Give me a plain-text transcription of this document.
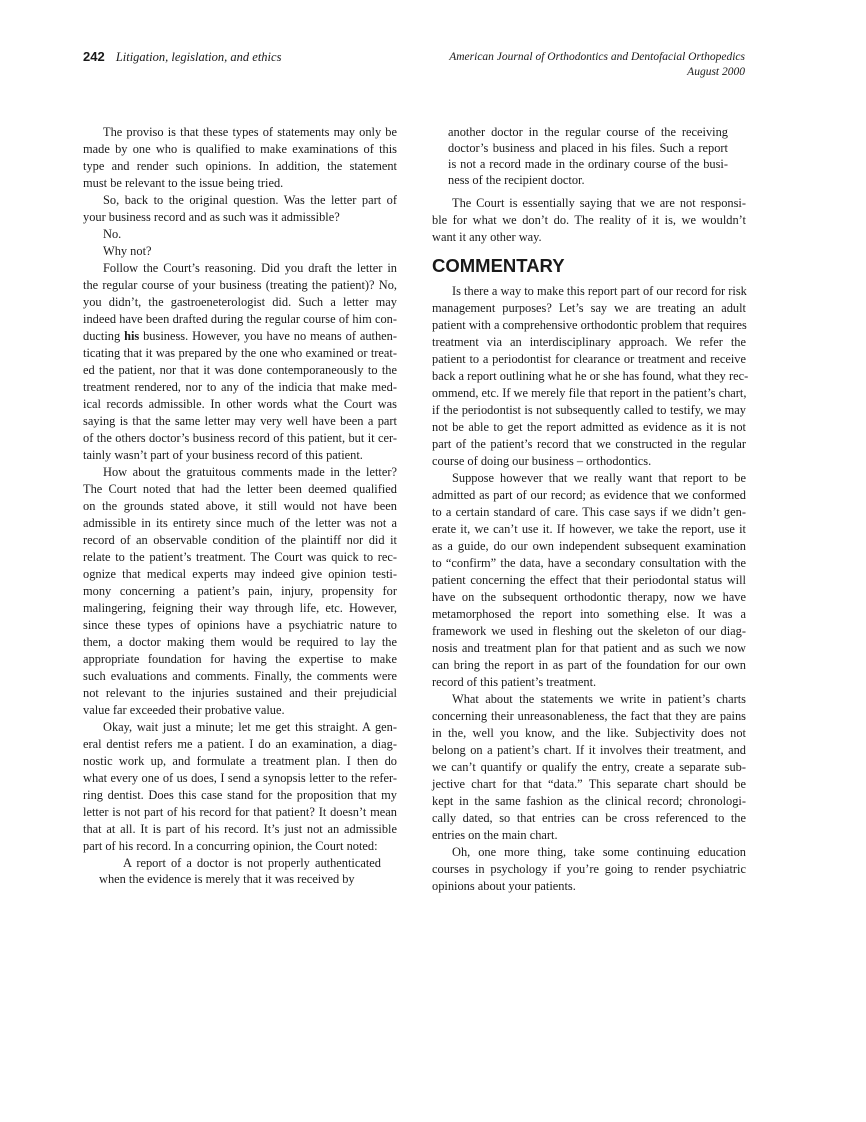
242 Litigation, legislation, and ethics	American Journal of Orthodontics and Dentofacial Orthopedics
August 2000
The proviso is that these types of statements may only be
made by one who is qualified to make examinations of this
type and render such opinions. In addition, the statement
must be relevant to the issue being tried.
So, back to the original question. Was the letter part of
your business record and as such was it admissible?
No.
Why not?
Follow the Court’s reasoning. Did you draft the letter in
the regular course of your business (treating the patient)? No,
you didn’t, the gastroeneterologist did. Such a letter may
indeed have been drafted during the regular course of him con-
ducting his business. However, you have no means of authen-
ticating that it was prepared by the one who examined or treat-
ed the patient, nor that it was done contemporaneously to the
treatment rendered, nor to any of the indicia that make med-
ical records admissible. In other words what the Court was
saying is that the same letter may very well have been a part
of the others doctor’s business record of this patient, but it cer-
tainly wasn’t part of your business record of this patient.
How about the gratuitous comments made in the letter?
The Court noted that had the letter been deemed qualified
on the grounds stated above, it still would not have been
admissible in its entirety since much of the letter was not a
record of an observable condition of the plaintiff nor did it
relate to the patient’s treatment. The Court was quick to rec-
ognize that medical experts may indeed give opinion testi-
mony concerning a patient’s pain, injury, propensity for
malingering, feigning their way through life, etc. However,
since these types of opinions have a psychiatric nature to
them, a doctor making them would be required to lay the
appropriate foundation for having the expertise to make
such evaluations and comments. Finally, the comments were
not relevant to the injuries sustained and their prejudicial
value far exceeded their probative value.
Okay, wait just a minute; let me get this straight. A gen-
eral dentist refers me a patient. I do an examination, a diag-
nostic work up, and formulate a treatment plan. I then do
what every one of us does, I send a synopsis letter to the refer-
ring dentist. Does this case stand for the proposition that my
letter is not part of his record for that patient? It doesn’t mean
that at all. It is part of his record. It’s just not an admissible
part of his record. In a concurring opinion, the Court noted:
A report of a doctor is not properly authenticated
when the evidence is merely that it was received by
another doctor in the regular course of the receiving
doctor’s business and placed in his files. Such a report
is not a record made in the ordinary course of the busi-
ness of the recipient doctor.
The Court is essentially saying that we are not responsi-
ble for what we don’t do. The reality of it is, we wouldn’t
want it any other way.
COMMENTARY
Is there a way to make this report part of our record for risk
management purposes? Let’s say we are treating an adult
patient with a comprehensive orthodontic problem that requires
treatment via an interdisciplinary approach. We refer the
patient to a periodontist for clearance or treatment and receive
back a report outlining what he or she has found, what they rec-
ommend, etc. If we merely file that report in the patient’s chart,
if the periodontist is not subsequently called to testify, we may
not be able to get the report admitted as evidence as it is not
part of the patient’s record that we constructed in the regular
course of doing our business – orthodontics.
Suppose however that we really want that report to be
admitted as part of our record; as evidence that we conformed
to a certain standard of care. This case says if we didn’t gen-
erate it, we can’t use it. If however, we take the report, use it
as a guide, do our own independent subsequent examination
to “confirm” the data, have a secondary consultation with the
patient concerning the effect that their periodontal status will
have on the subsequent orthodontic therapy, now we have
metamorphosed the report into something else. It was a
framework we used in fleshing out the skeleton of our diag-
nosis and treatment plan for that patient and as such we now
can bring the report in as part of the foundation for our own
record of this patient’s treatment.
What about the statements we write in patient’s charts
concerning their unreasonableness, the fact that they are pains
in the, well you know, and the like. Subjectivity does not
belong on a patient’s chart. If it involves their treatment, and
we can’t quantify or qualify the entry, create a separate sub-
jective chart for that “data.” This separate chart should be
kept in the same fashion as the clinical record; chronologi-
cally dated, so that entries can be cross referenced to the
entries on the main chart.
Oh, one more thing, take some continuing education
courses in psychology if you’re going to render psychiatric
opinions about your patients.
